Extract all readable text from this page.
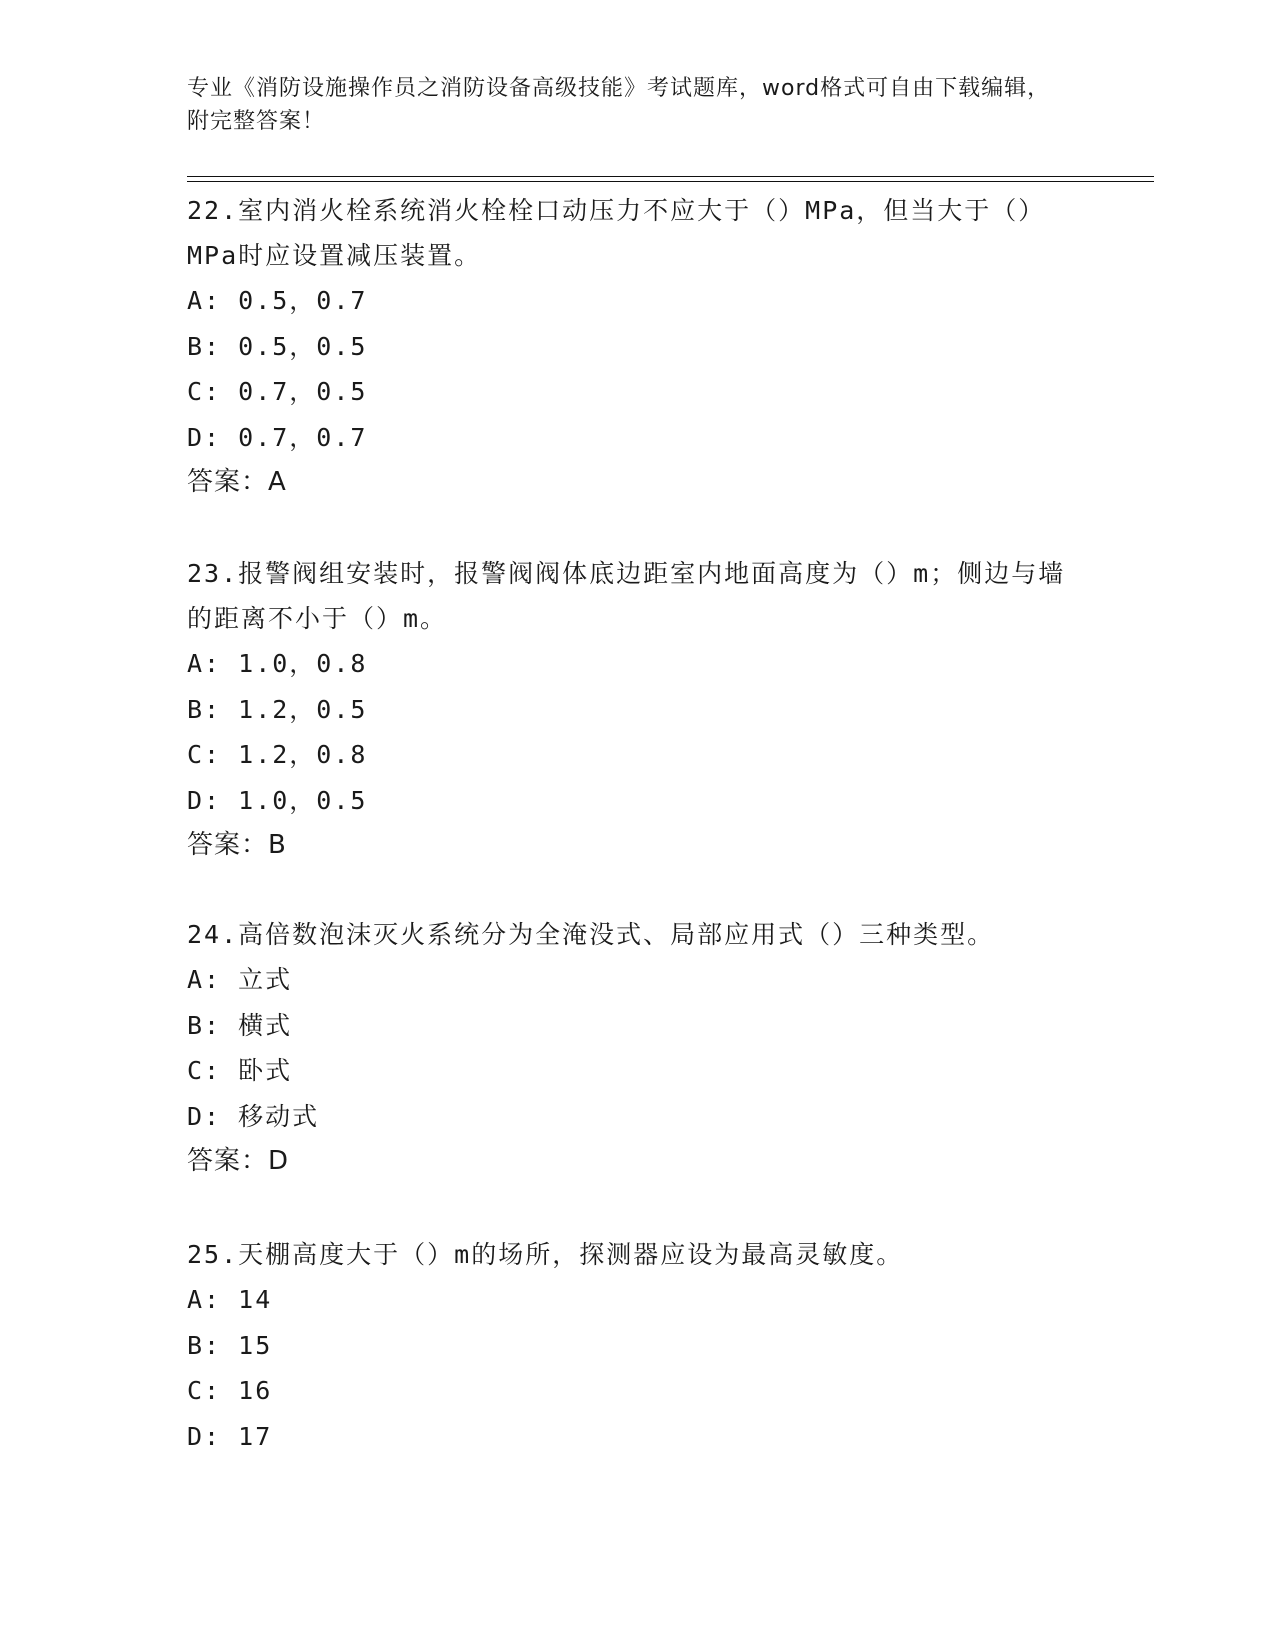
专业《消防设施操作员之消防设备高级技能》考试题库，word格式可自由下载编辑，附完整答案！

22.室内消火栓系统消火栓栓口动压力不应大于（）MPa，但当大于（）MPa时应设置减压装置。

A: 0.5，0.7
B: 0.5，0.5
C: 0.7，0.5
D: 0.7，0.7
答案：A

23.报警阀组安装时，报警阀阀体底边距室内地面高度为（）m；侧边与墙的距离不小于（）m。

A: 1.0，0.8
B: 1.2，0.5
C: 1.2，0.8
D: 1.0，0.5
答案：B

24.高倍数泡沫灭火系统分为全淹没式、局部应用式（）三种类型。

A: 立式
B: 横式
C: 卧式
D: 移动式
答案：D

25.天棚高度大于（）m的场所，探测器应设为最高灵敏度。

A: 14
B: 15
C: 16
D: 17
